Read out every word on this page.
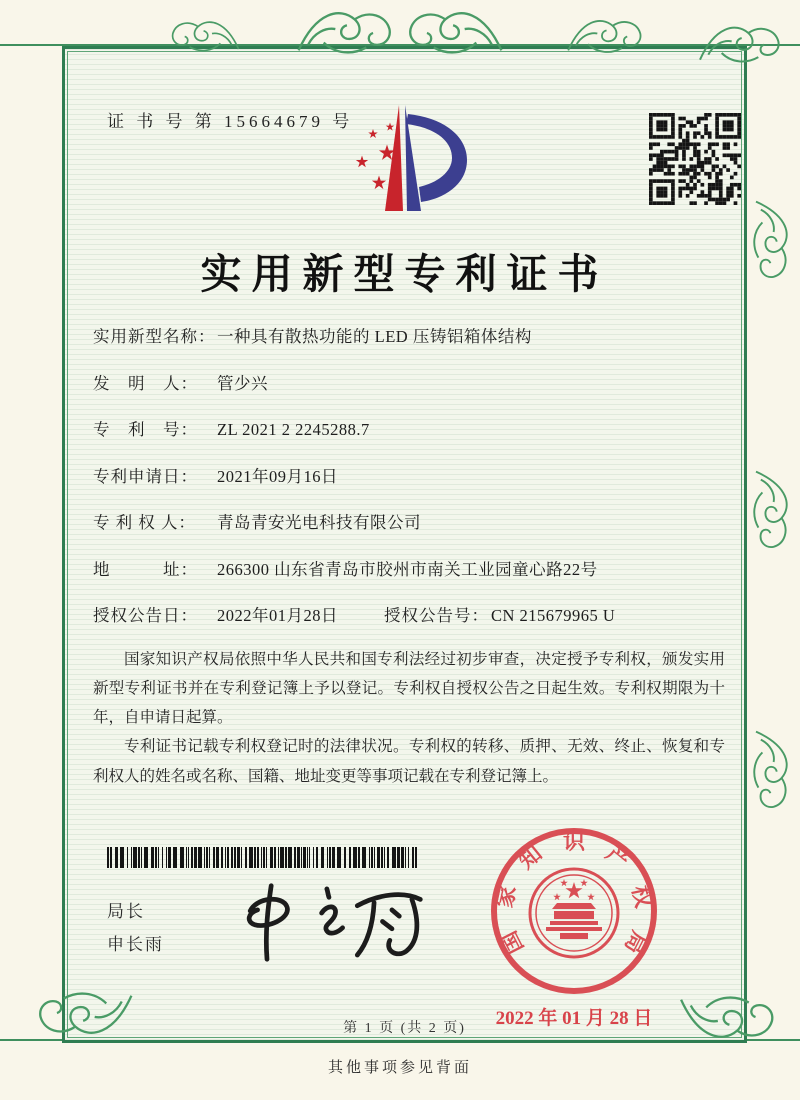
证 书 号 第 15664679 号
实用新型专利证书
实用新型名称：一种具有散热功能的 LED 压铸铝箱体结构
发　明　人： 管少兴
专　利　号： ZL 2021 2 2245288.7
专利申请日： 2021年09月16日
专 利 权 人： 青岛青安光电科技有限公司
地　　　址： 266300 山东省青岛市胶州市南关工业园童心路22号
授权公告日： 2022年01月28日	授权公告号： CN 215679965 U

国家知识产权局依照中华人民共和国专利法经过初步审查，决定授予专利权，颁发实用新型专利证书并在专利登记簿上予以登记。专利权自授权公告之日起生效。专利权期限为十年，自申请日起算。

专利证书记载专利权登记时的法律状况。专利权的转移、质押、无效、终止、恢复和专利权人的姓名或名称、国籍、地址变更等事项记载在专利登记簿上。

局长
申长雨	国
家
知 识 产
权
局
2022 年 01 月 28 日
第 1 页 (共 2 页)
其他事项参见背面
